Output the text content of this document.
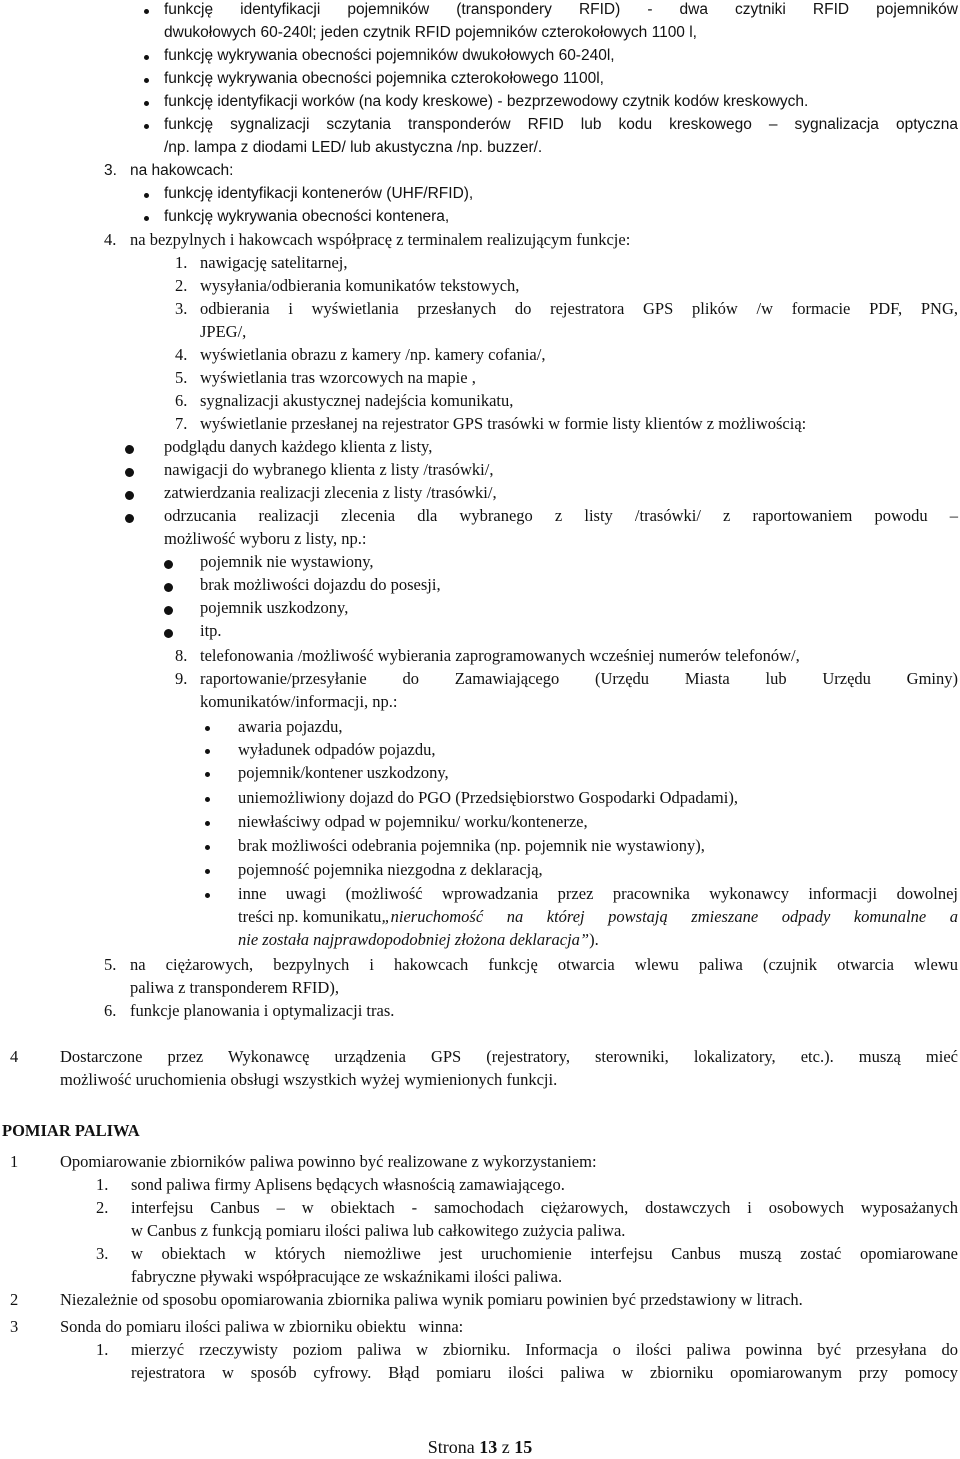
funkcję identyfikacji pojemników (transpondery RFID) - dwa czytniki RFID pojemników
dwukołowych 60-240l; jeden czytnik RFID pojemników czterokołowych 1100 l,
funkcję wykrywania obecności pojemników dwukołowych 60-240l,
funkcję wykrywania obecności pojemnika czterokołowego 1100l,
funkcję identyfikacji worków (na kody kreskowe) - bezprzewodowy czytnik kodów kreskowych.
funkcję sygnalizacji sczytania transponderów RFID lub kodu kreskowego – sygnalizacja optyczna
/np. lampa z diodami LED/ lub akustyczna /np. buzzer/.
3. na hakowcach:
funkcję identyfikacji kontenerów (UHF/RFID),
funkcję wykrywania obecności kontenera,
4. na bezpylnych i hakowcach współpracę z terminalem realizującym funkcje:
1. nawigację satelitarnej,
2. wysyłania/odbierania komunikatów tekstowych,
3. odbierania i wyświetlania przesłanych do rejestratora GPS plików /w formacie PDF, PNG,
JPEG/,
4. wyświetlania obrazu z kamery /np. kamery cofania/,
5. wyświetlania tras wzorcowych na mapie ,
6. sygnalizacji akustycznej nadejścia komunikatu,
7. wyświetlanie przesłanej na rejestrator GPS trasówki w formie listy klientów z możliwością:
podglądu danych każdego klienta z listy,
nawigacji do wybranego klienta z listy /trasówki/,
zatwierdzania realizacji zlecenia z listy /trasówki/,
odrzucania realizacji zlecenia dla wybranego z listy /trasówki/ z raportowaniem powodu –
możliwość wyboru z listy, np.:
pojemnik nie wystawiony,
brak możliwości dojazdu do posesji,
pojemnik uszkodzony,
itp.
8. telefonowania /możliwość wybierania zaprogramowanych wcześniej numerów telefonów/,
9. raportowanie/przesyłanie do Zamawiającego (Urzędu Miasta lub Urzędu Gminy)
komunikatów/informacji, np.:
awaria pojazdu,
wyładunek odpadów pojazdu,
pojemnik/kontener uszkodzony,
uniemożliwiony dojazd do PGO (Przedsiębiorstwo Gospodarki Odpadami),
niewłaściwy odpad w pojemniku/ worku/kontenerze,
brak możliwości odebrania pojemnika (np. pojemnik nie wystawiony),
pojemność pojemnika niezgodna z deklaracją,
inne uwagi (możliwość wprowadzania przez pracownika wykonawcy informacji dowolnej
treści np. komunikatu „nieruchomość na której powstają zmieszane odpady komunalne a
nie została najprawdopodobniej złożona deklaracja”).
5. na ciężarowych, bezpylnych i hakowcach funkcję otwarcia wlewu paliwa (czujnik otwarcia wlewu
paliwa z transponderem RFID),
6. funkcje planowania i optymalizacji tras.
4	Dostarczone przez Wykonawcę urządzenia GPS (rejestratory, sterowniki, lokalizatory, etc.). muszą mieć
możliwość uruchomienia obsługi wszystkich wyżej wymienionych funkcji.
POMIAR PALIWA
1	Opomiarowanie zbiorników paliwa powinno być realizowane z wykorzystaniem:
1. sond paliwa firmy Aplisens będących własnością zamawiającego.
2. interfejsu Canbus – w obiektach - samochodach ciężarowych, dostawczych i osobowych wyposażanych
w Canbus z funkcją pomiaru ilości paliwa lub całkowitego zużycia paliwa.
3. w obiektach w których niemożliwe jest uruchomienie interfejsu Canbus muszą zostać opomiarowane
fabryczne pływaki współpracujące ze wskaźnikami ilości paliwa.
2	Niezależnie od sposobu opomiarowania zbiornika paliwa wynik pomiaru powinien być przedstawiony w litrach.
3	Sonda do pomiaru ilości paliwa w zbiorniku obiektu   winna:
1. mierzyć rzeczywisty poziom paliwa w zbiorniku. Informacja o ilości paliwa powinna być przesyłana do
rejestratora w sposób cyfrowy. Błąd pomiaru ilości paliwa w zbiorniku opomiarowanym przy pomocy
Strona 13 z 15
